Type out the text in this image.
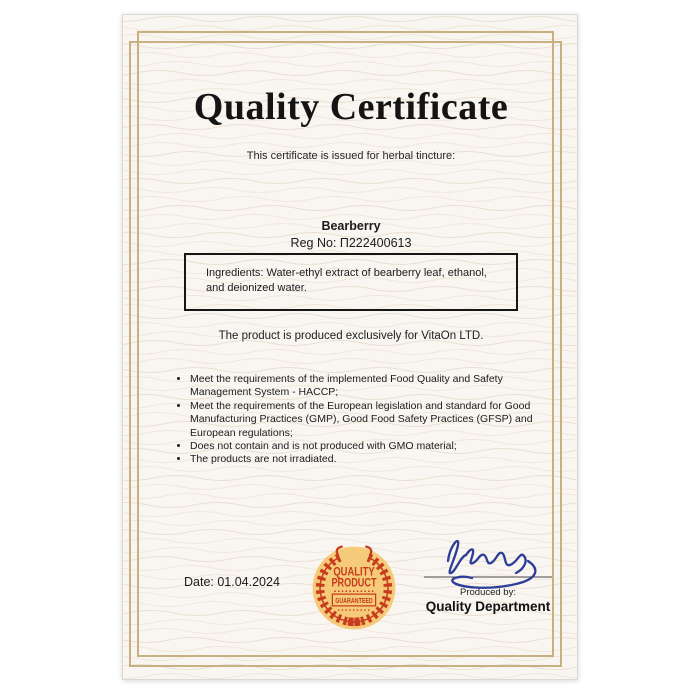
Quality Certificate
This certificate is issued for herbal tincture:
Bearberry
Reg No: П222400613
Ingredients: Water-ethyl extract of bearberry leaf, ethanol, and deionized water.
The product is produced exclusively for VitaOn LTD.
• Meet the requirements of the implemented Food Quality and Safety Management System - HACCP;
• Meet the requirements of the European legislation and standard for Good Manufacturing Practices (GMP), Good Food Safety Practices (GFSP) and European regulations;
• Does not contain and is not produced with GMO material;
• The products are not irradiated.
Date: 01.04.2024
QUALITY
PRODUCT
GUARANTEED
Produced by:
Quality Department
